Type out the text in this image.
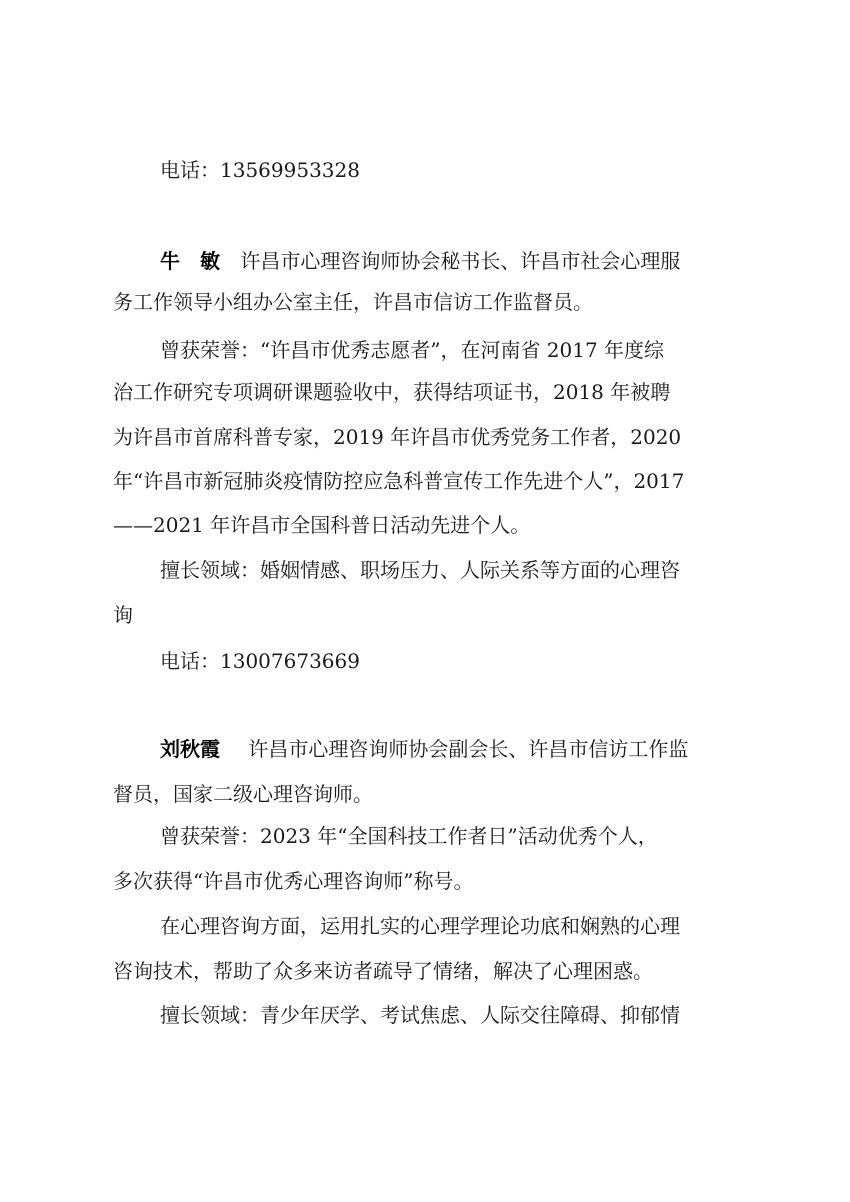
电话：13569953328
牛　敏 许昌市心理咨询师协会秘书长、许昌市社会心理服
务工作领导小组办公室主任，许昌市信访工作监督员。
曾获荣誉：“许昌市优秀志愿者”，在河南省 2017 年度综
治工作研究专项调研课题验收中，获得结项证书，2018 年被聘
为许昌市首席科普专家，2019 年许昌市优秀党务工作者，2020
年“许昌市新冠肺炎疫情防控应急科普宣传工作先进个人”，2017
——2021 年许昌市全国科普日活动先进个人。
擅长领域：婚姻情感、职场压力、人际关系等方面的心理咨
询
电话：13007673669
刘秋霞 许昌市心理咨询师协会副会长、许昌市信访工作监
督员，国家二级心理咨询师。
曾获荣誉：2023 年“全国科技工作者日”活动优秀个人，
多次获得“许昌市优秀心理咨询师”称号。
在心理咨询方面，运用扎实的心理学理论功底和娴熟的心理
咨询技术，帮助了众多来访者疏导了情绪，解决了心理困惑。
擅长领域：青少年厌学、考试焦虑、人际交往障碍、抑郁情
